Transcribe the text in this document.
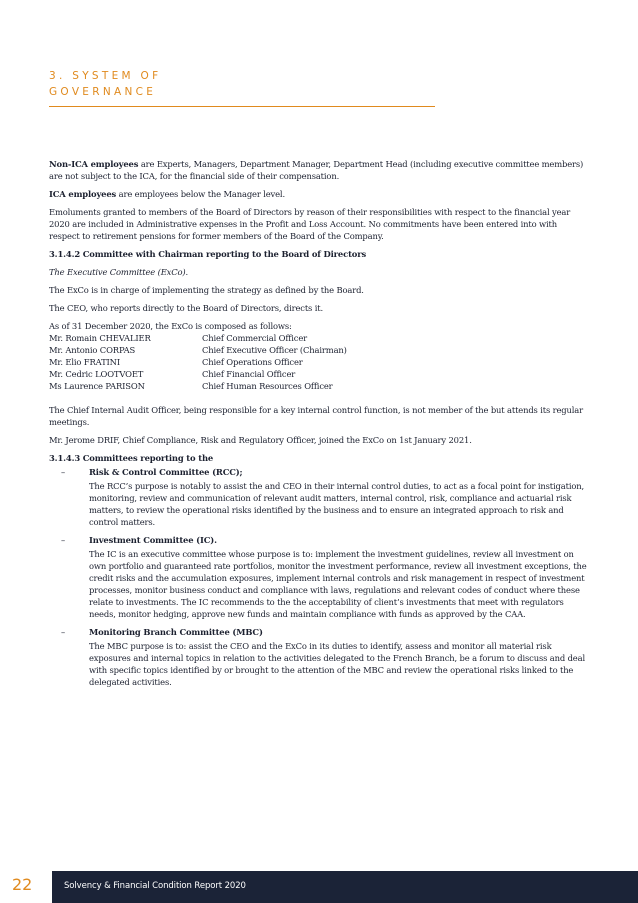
3. SYSTEM OF
GOVERNANCE

Non-ICA employees are Experts, Managers, Department Manager, Department Head (including executive committee members) are not subject to the ICA, for the financial side of their compensation.

ICA employees are employees below the Manager level.

Emoluments granted to members of the Board of Directors by reason of their responsibilities with respect to the financial year 2020 are included in Administrative expenses in the Profit and Loss Account. No commitments have been entered into with respect to retirement pensions for former members of the Board of the Company.

3.1.4.2 Committee with Chairman reporting to the Board of Directors

The Executive Committee (ExCo).

The ExCo is in charge of implementing the strategy as defined by the Board.

The CEO, who reports directly to the Board of Directors, directs it.

As of 31 December 2020, the ExCo is composed as follows:

Mr. Romain CHEVALIER	Chief Commercial Officer
Mr. Antonio CORPAS	Chief Executive Officer (Chairman)
Mr. Elio FRATINI	Chief Operations Officer
Mr. Cedric LOOTVOET	Chief Financial Officer
Ms Laurence PARISON	Chief Human Resources Officer

The Chief Internal Audit Officer, being responsible for a key internal control function, is not member of the but attends its regular meetings.

Mr. Jerome DRIF, Chief Compliance, Risk and Regulatory Officer, joined the ExCo on 1st January 2021.

3.1.4.3 Committees reporting to the

–	Risk & Control Committee (RCC);
The RCC’s purpose is notably to assist the and CEO in their internal control duties, to act as a focal point for instigation, monitoring, review and communication of relevant audit matters, internal control, risk, compliance and actuarial risk matters, to review the operational risks identified by the business and to ensure an integrated approach to risk and control matters.
–	Investment Committee (IC).
The IC is an executive committee whose purpose is to: implement the investment guidelines, review all investment on own portfolio and guaranteed rate portfolios, monitor the investment performance, review all investment exceptions, the credit risks and the accumulation exposures, implement internal controls and risk management in respect of investment processes, monitor business conduct and compliance with laws, regulations and relevant codes of conduct where these relate to investments. The IC recommends to the the acceptability of client’s investments that meet with regulators needs, monitor hedging, approve new funds and maintain compliance with funds as approved by the CAA.
–	Monitoring Branch Committee (MBC)
The MBC purpose is to: assist the CEO and the ExCo in its duties to identify, assess and monitor all material risk exposures and internal topics in relation to the activities delegated to the French Branch, be a forum to discuss and deal with specific topics identified by or brought to the attention of the MBC and review the operational risks linked to the delegated activities.
22	Solvency & Financial Condition Report 2020
